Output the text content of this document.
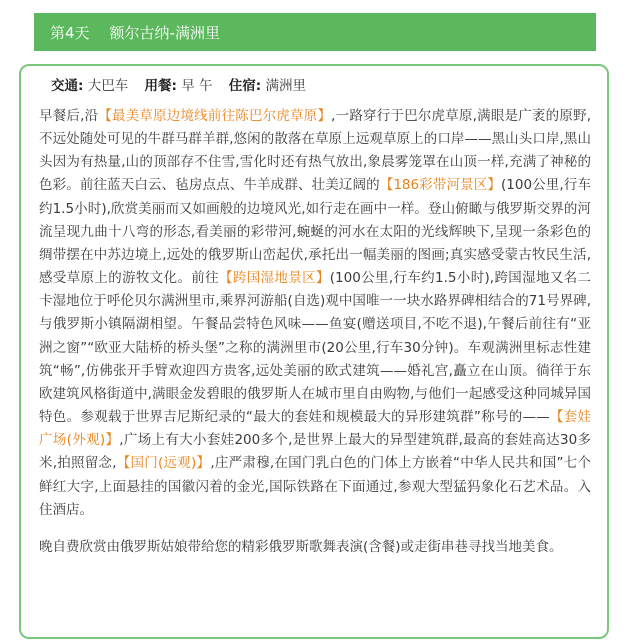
第4天 额尔古纳-满洲里
交通: 大巴车 用餐: 早 午 住宿: 满洲里

早餐后,沿【最美草原边境线前往陈巴尔虎草原】,一路穿行于巴尔虎草原,满眼是广袤的原野,不远处随处可见的牛群马群羊群,悠闲的散落在草原上远观草原上的口岸——黑山头口岸,黑山头因为有热量,山的顶部存不住雪,雪化时还有热气放出,象晨雾笼罩在山顶一样,充满了神秘的色彩。前往蓝天白云、毡房点点、牛羊成群、壮美辽阔的【186彩带河景区】(100公里,行车约1.5小时),欣赏美丽而又如画般的边境风光,如行走在画中一样。登山俯瞰与俄罗斯交界的河流呈现九曲十八弯的形态,看美丽的彩带河,蜿蜒的河水在太阳的光线辉映下,呈现一条彩色的绸带摆在中苏边境上,远处的俄罗斯山峦起伏,承托出一幅美丽的图画;真实感受蒙古牧民生活,感受草原上的游牧文化。前往【跨国湿地景区】(100公里,行车约1.5小时),跨国湿地又名二卡湿地位于呼伦贝尔满洲里市,乘界河游船(自选)观中国唯一一块水路界碑相结合的71号界碑,与俄罗斯小镇隔湖相望。午餐品尝特色风味——鱼宴(赠送项目,不吃不退),午餐后前往有“亚洲之窗”“欧亚大陆桥的桥头堡”之称的满洲里市(20公里,行车30分钟)。车观满洲里标志性建筑“畅”,仿佛张开手臂欢迎四方贵客,远处美丽的欧式建筑——婚礼宫,矗立在山顶。徜徉于东欧建筑风格街道中,满眼金发碧眼的俄罗斯人在城市里自由购物,与他们一起感受这种同城异国特色。参观载于世界吉尼斯纪录的“最大的套娃和规模最大的异形建筑群”称号的——【套娃广场(外观)】,广场上有大小套娃200多个,是世界上最大的异型建筑群,最高的套娃高达30多米,拍照留念,【国门(远观)】,庄严肃穆,在国门乳白色的门体上方嵌着“中华人民共和国”七个鲜红大字,上面悬挂的国徽闪着的金光,国际铁路在下面通过,参观大型猛犸象化石艺术品。入住酒店。

晚自费欣赏由俄罗斯姑娘带给您的精彩俄罗斯歌舞表演(含餐)或走街串巷寻找当地美食。
